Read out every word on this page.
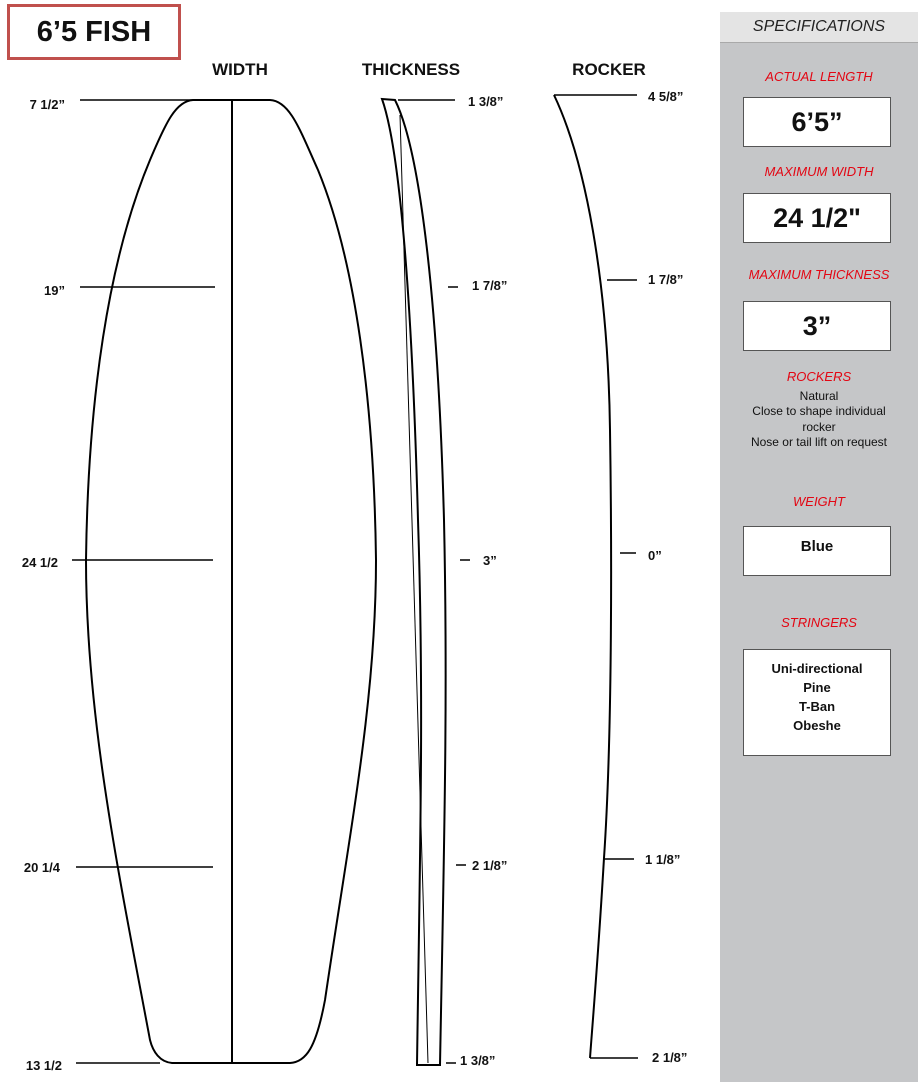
6’5 FISH
WIDTH	THICKNESS	ROCKER
7 1/2”
19”
24 1/2
20 1/4
13 1/2
1 3/8”
1 7/8”
3”
2 1/8”
1 3/8”
4 5/8”
1 7/8”
0”
1 1/8”
2 1/8”
SPECIFICATIONS
ACTUAL LENGTH
6’5”
MAXIMUM WIDTH
24 1/2"
MAXIMUM THICKNESS
3”
ROCKERS
Natural
Close to shape individual
rocker
Nose or tail lift on request
WEIGHT
Blue
STRINGERS
Uni-directional
Pine
T-Ban
Obeshe
